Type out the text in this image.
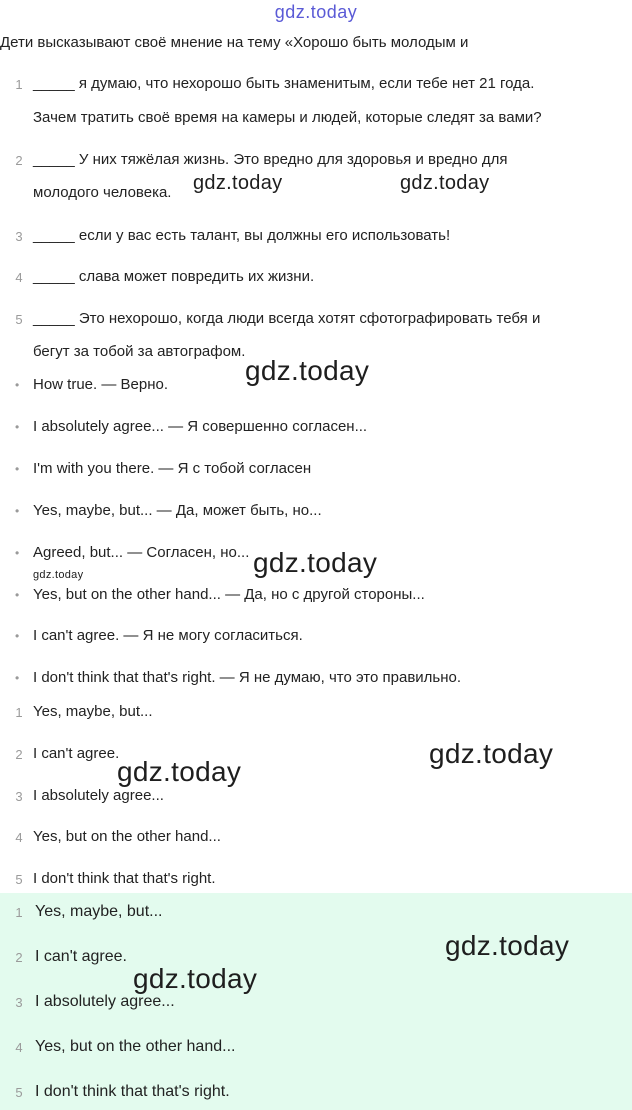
gdz.today
Дети высказывают своё мнение на тему «Хорошо быть молодым и
1 _____ я думаю, что нехорошо быть знаменитым, если тебе нет 21 года.
Зачем тратить своё время на камеры и людей, которые следят за вами?
2 _____ У них тяжёлая жизнь. Это вредно для здоровья и вредно для
молодого человека.
3 _____ если у вас есть талант, вы должны его использовать!
4 _____ слава может повредить их жизни.
5 _____ Это нехорошо, когда люди всегда хотят сфотографировать тебя и
бегут за тобой за автографом.
• How true. — Верно.
• I absolutely agree... — Я совершенно согласен...
• I'm with you there. — Я с тобой согласен
• Yes, maybe, but... — Да, может быть, но...
• Agreed, but... — Согласен, но...
• Yes, but on the other hand... — Да, но с другой стороны...
• I can't agree. — Я не могу согласиться.
• I don't think that that's right. — Я не думаю, что это правильно.
1 Yes, maybe, but...
2 I can't agree.
3 I absolutely agree...
4 Yes, but on the other hand...
5 I don't think that that's right.
1 Yes, maybe, but...
2 I can't agree.
3 I absolutely agree...
4 Yes, but on the other hand...
5 I don't think that that's right.
gdz.today	gdz.today
gdz.today
gdz.today
gdz.today
gdz.today
gdz.today
gdz.today
gdz.today
